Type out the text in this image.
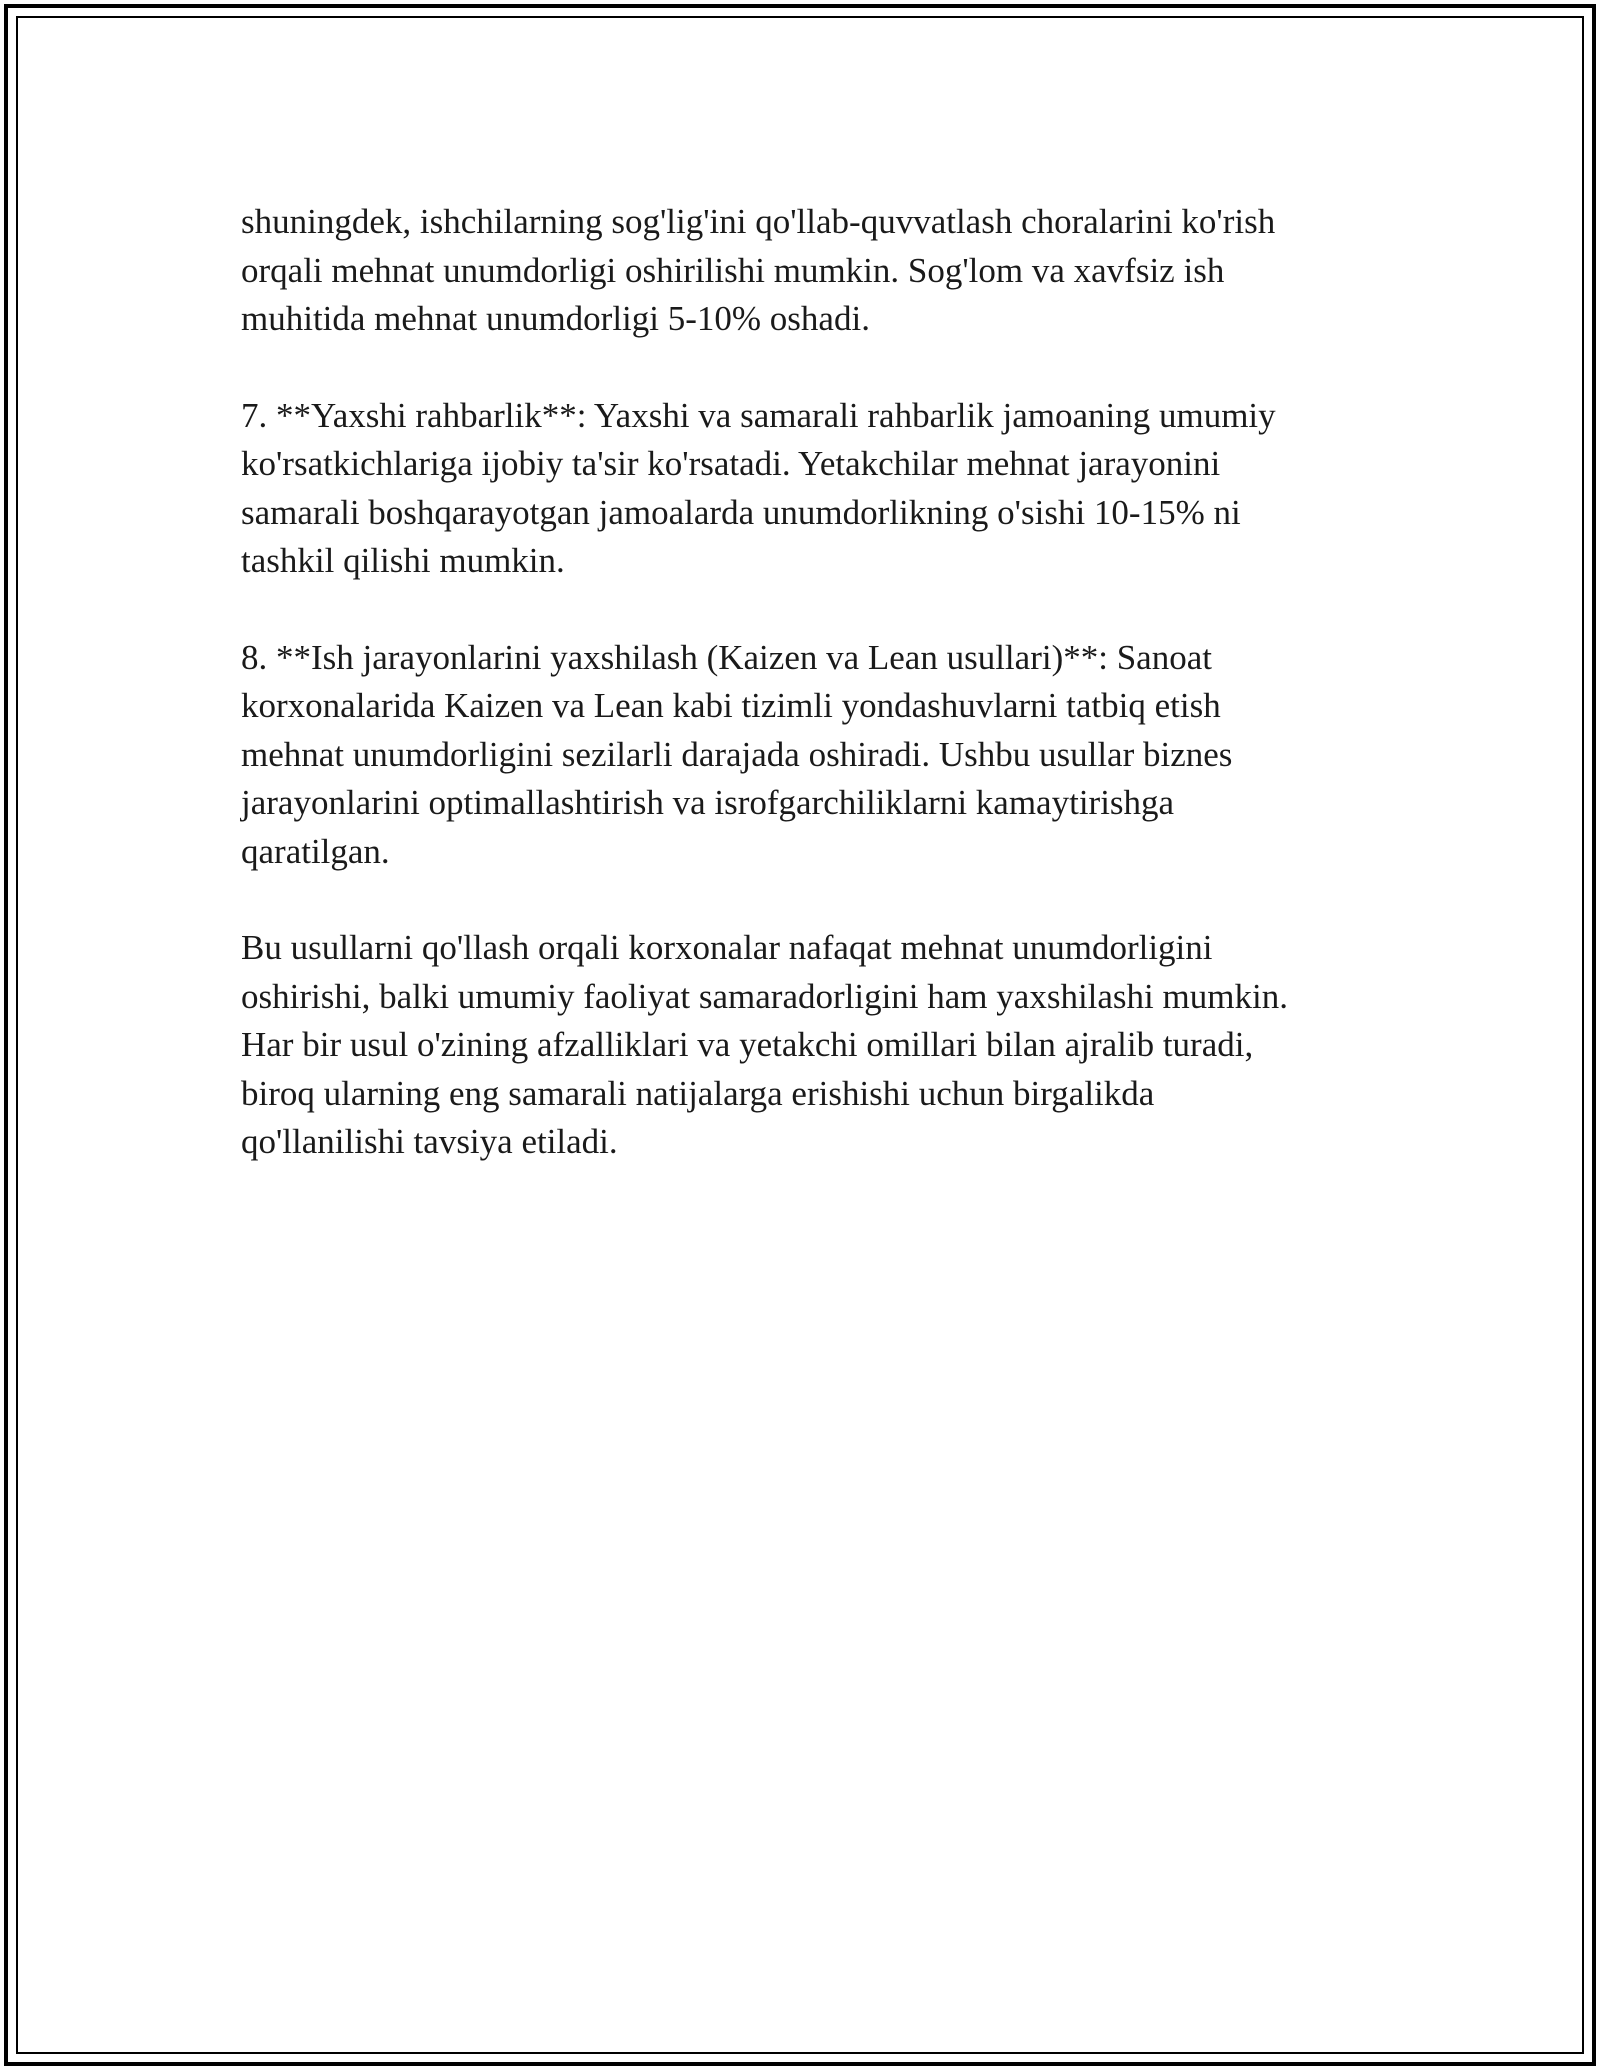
shuningdek, ishchilarning sog'lig'ini qo'llab-quvvatlash choralarini ko'rish
orqali mehnat unumdorligi oshirilishi mumkin. Sog'lom va xavfsiz ish
muhitida mehnat unumdorligi 5-10% oshadi.

7. **Yaxshi rahbarlik**: Yaxshi va samarali rahbarlik jamoaning umumiy
ko'rsatkichlariga ijobiy ta'sir ko'rsatadi. Yetakchilar mehnat jarayonini
samarali boshqarayotgan jamoalarda unumdorlikning o'sishi 10-15% ni
tashkil qilishi mumkin.

8. **Ish jarayonlarini yaxshilash (Kaizen va Lean usullari)**: Sanoat
korxonalarida Kaizen va Lean kabi tizimli yondashuvlarni tatbiq etish
mehnat unumdorligini sezilarli darajada oshiradi. Ushbu usullar biznes
jarayonlarini optimallashtirish va isrofgarchiliklarni kamaytirishga
qaratilgan.

Bu usullarni qo'llash orqali korxonalar nafaqat mehnat unumdorligini
oshirishi, balki umumiy faoliyat samaradorligini ham yaxshilashi mumkin.
Har bir usul o'zining afzalliklari va yetakchi omillari bilan ajralib turadi,
biroq ularning eng samarali natijalarga erishishi uchun birgalikda
qo'llanilishi tavsiya etiladi.
